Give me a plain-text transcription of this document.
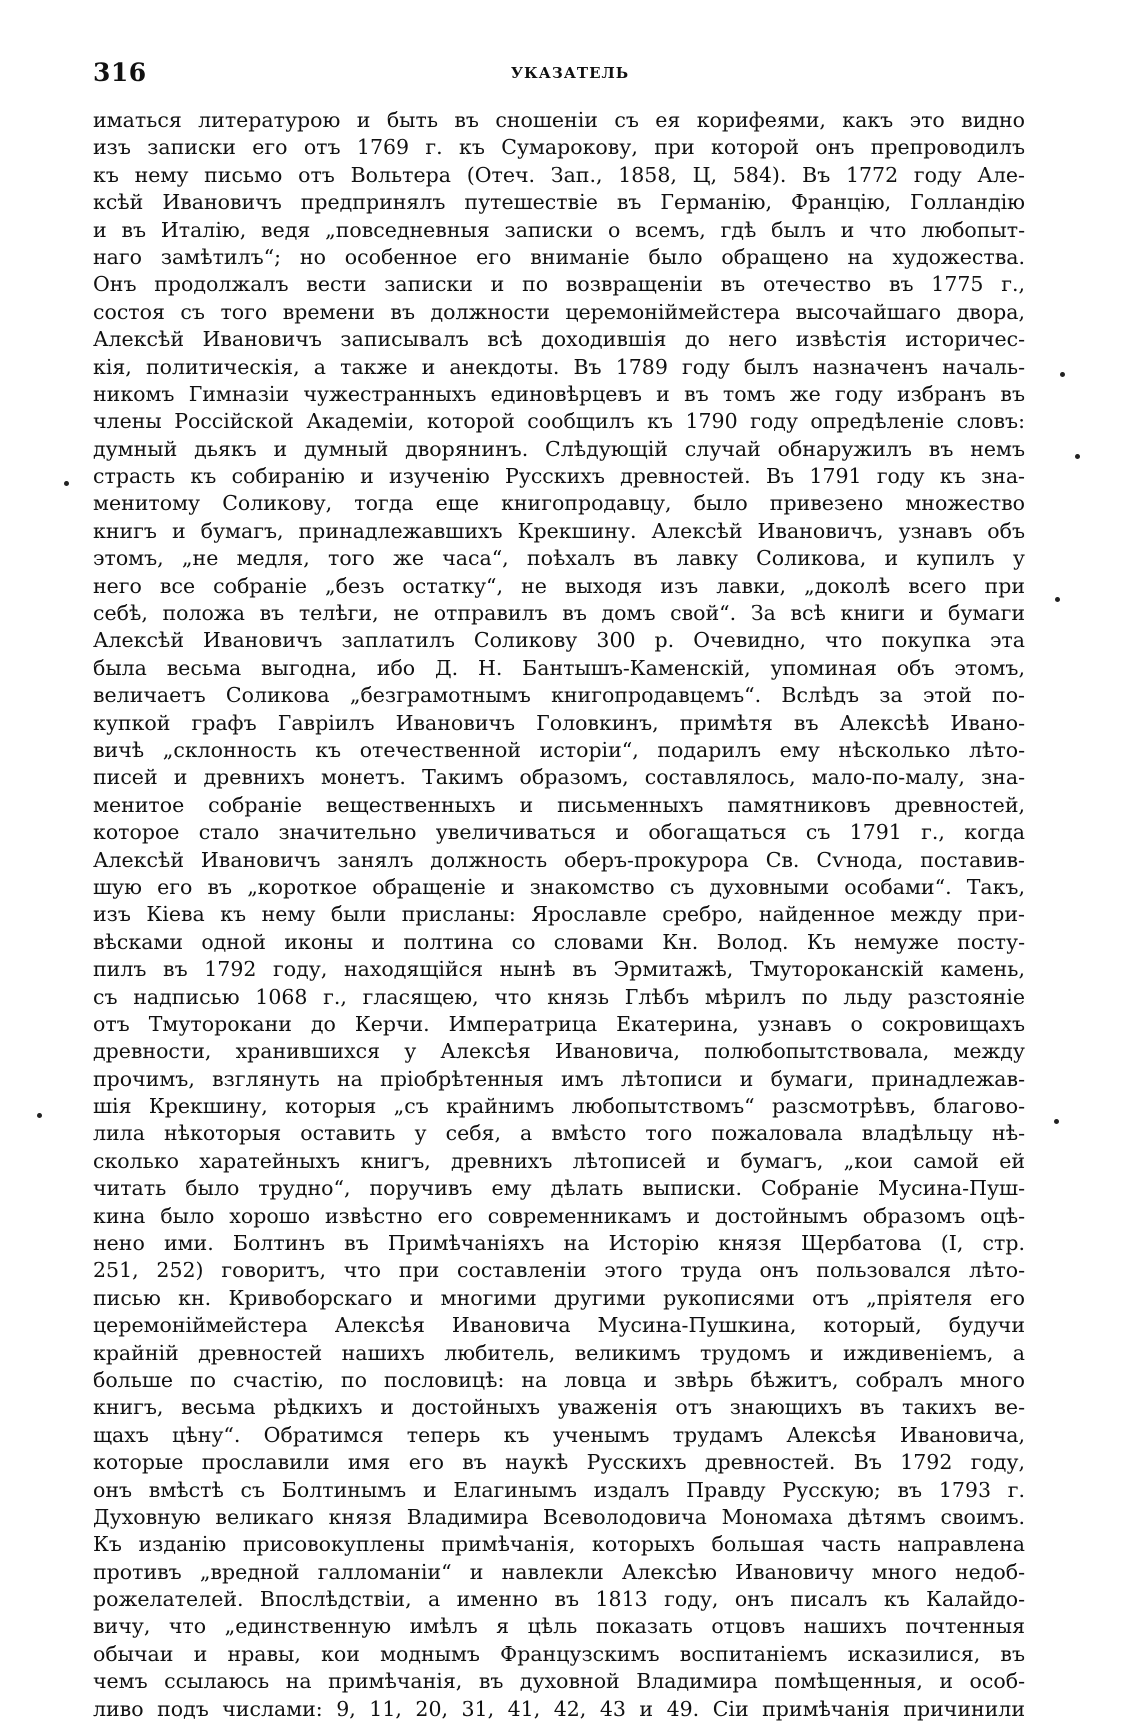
316	УКАЗАТЕЛЬ
иматься литературою и быть въ сношеніи съ ея корифеями, какъ это видно
изъ записки его отъ 1769 г. къ Сумарокову, при которой онъ препроводилъ
къ нему письмо отъ Вольтера (Отеч. Зап., 1858, Ц, 584). Въ 1772 году Але-
ксѣй Ивановичъ предпринялъ путешествіе въ Германію, Францію, Голландію
и въ Италію, ведя „повседневныя записки о всемъ, гдѣ былъ и что любопыт-
наго замѣтилъ“; но особенное его вниманіе было обращено на художества.
Онъ продолжалъ вести записки и по возвращеніи въ отечество въ 1775 г.,
состоя съ того времени въ должности церемоніймейстера высочайшаго двора,
Алексѣй Ивановичъ записывалъ всѣ доходившія до него извѣстія историчес-
кія, политическія, а также и анекдоты. Въ 1789 году былъ назначенъ началь-
никомъ Гимназіи чужестранныхъ единовѣрцевъ и въ томъ же году избранъ въ
члены Россійской Академіи, которой сообщилъ къ 1790 году опредѣленіе словъ:
думный дьякъ и думный дворянинъ. Слѣдующій случай обнаружилъ въ немъ
страсть къ собиранію и изученію Русскихъ древностей. Въ 1791 году къ зна-
менитому Соликову, тогда еще книгопродавцу, было привезено множество
книгъ и бумагъ, принадлежавшихъ Крекшину. Алексѣй Ивановичъ, узнавъ объ
этомъ, „не медля, того же часа“, поѣхалъ въ лавку Соликова, и купилъ у
него все собраніе „безъ остатку“, не выходя изъ лавки, „доколѣ всего при
себѣ, положа въ телѣги, не отправилъ въ домъ свой“. За всѣ книги и бумаги
Алексѣй Ивановичъ заплатилъ Соликову 300 р. Очевидно, что покупка эта
была весьма выгодна, ибо Д. Н. Бантышъ-Каменскій, упоминая объ этомъ,
величаетъ Соликова „безграмотнымъ книгопродавцемъ“. Вслѣдъ за этой по-
купкой графъ Гавріилъ Ивановичъ Головкинъ, примѣтя въ Алексѣѣ Ивано-
вичѣ „склонность къ отечественной исторіи“, подарилъ ему нѣсколько лѣто-
писей и древнихъ монетъ. Такимъ образомъ, составлялось, мало-по-малу, зна-
менитое собраніе вещественныхъ и письменныхъ памятниковъ древностей,
которое стало значительно увеличиваться и обогащаться съ 1791 г., когда
Алексѣй Ивановичъ занялъ должность оберъ-прокурора Св. Сѵнода, поставив-
шую его въ „короткое обращеніе и знакомство съ духовными особами“. Такъ,
изъ Кіева къ нему были присланы: Ярославле сребро, найденное между при-
вѣсками одной иконы и полтина со словами Кн. Волод. Къ немуже посту-
пилъ въ 1792 году, находящійся нынѣ въ Эрмитажѣ, Тмутороканскій камень,
съ надписью 1068 г., гласящею, что князь Глѣбъ мѣрилъ по льду разстояніе
отъ Тмуторокани до Керчи. Императрица Екатерина, узнавъ о сокровищахъ
древности, хранившихся у Алексѣя Ивановича, полюбопытствовала, между
прочимъ, взглянуть на пріобрѣтенныя имъ лѣтописи и бумаги, принадлежав-
шія Крекшину, которыя „съ крайнимъ любопытствомъ“ разсмотрѣвъ, благово-
лила нѣкоторыя оставить у себя, а вмѣсто того пожаловала владѣльцу нѣ-
сколько харатейныхъ книгъ, древнихъ лѣтописей и бумагъ, „кои самой ей
читать было трудно“, поручивъ ему дѣлать выписки. Собраніе Мусина-Пуш-
кина было хорошо извѣстно его современникамъ и достойнымъ образомъ оцѣ-
нено ими. Болтинъ въ Примѣчаніяхъ на Исторію князя Щербатова (I, стр.
251, 252) говоритъ, что при составленіи этого труда онъ пользовался лѣто-
писью кн. Кривоборскаго и многими другими рукописями отъ „пріятеля его
церемоніймейстера Алексѣя Ивановича Мусина-Пушкина, который, будучи
крайній древностей нашихъ любитель, великимъ трудомъ и иждивеніемъ, а
больше по счастію, по пословицѣ: на ловца и звѣрь бѣжитъ, собралъ много
книгъ, весьма рѣдкихъ и достойныхъ уваженія отъ знающихъ въ такихъ ве-
щахъ цѣну“. Обратимся теперь къ ученымъ трудамъ Алексѣя Ивановича,
которые прославили имя его въ наукѣ Русскихъ древностей. Въ 1792 году,
онъ вмѣстѣ съ Болтинымъ и Елагинымъ издалъ Правду Русскую; въ 1793 г.
Духовную великаго князя Владимира Всеволодовича Мономаха дѣтямъ своимъ.
Къ изданію присовокуплены примѣчанія, которыхъ большая часть направлена
противъ „вредной галломаніи“ и навлекли Алексѣю Ивановичу много недоб-
рожелателей. Впослѣдствіи, а именно въ 1813 году, онъ писалъ къ Калайдо-
вичу, что „единственную имѣлъ я цѣль показать отцовъ нашихъ почтенныя
обычаи и нравы, кои моднымъ Французскимъ воспитаніемъ исказилися, въ
чемъ ссылаюсь на примѣчанія, въ духовной Владимира помѣщенныя, и особ-
ливо подъ числами: 9, 11, 20, 31, 41, 42, 43 и 49. Сіи примѣчанія причинили
